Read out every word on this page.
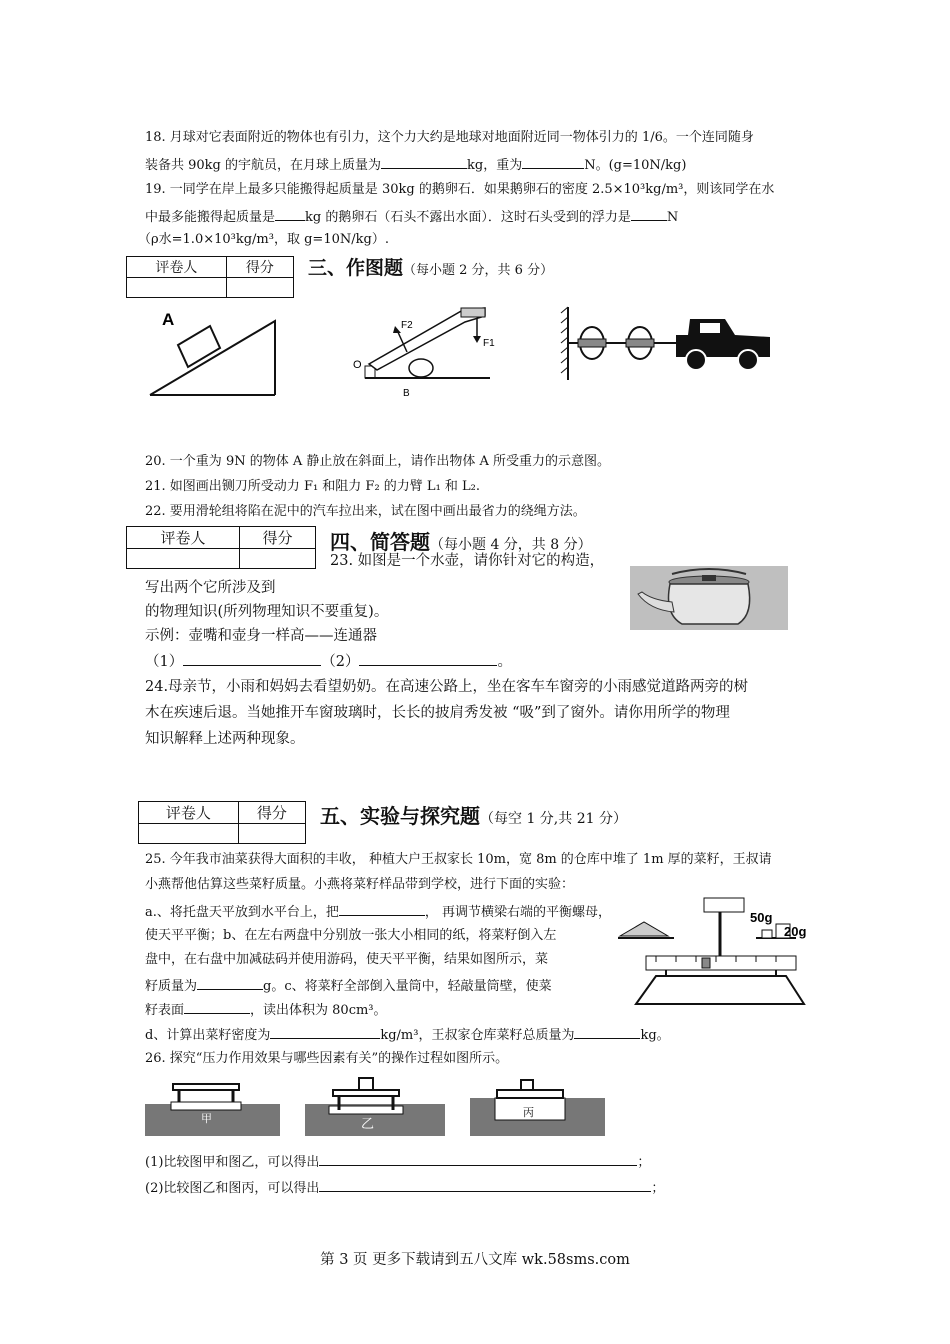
18. 月球对它表面附近的物体也有引力，这个力大约是地球对地面附近同一物体引力的 1/6。一个连同随身
装备共 90kg 的宇航员，在月球上质量为	kg，重为	N。(g=10N/kg)
19. 一同学在岸上最多只能搬得起质量是 30kg 的鹅卵石．如果鹅卵石的密度 2.5×10³kg/m³，则该同学在水
中最多能搬得起质量是 kg 的鹅卵石（石头不露出水面）．这时石头受到的浮力是	N
（ρ水=1.0×10³kg/m³，取 g=10N/kg）.
评卷人	得分
	三、作图题（每小题 2 分，共 6 分）
A	F2
F1
O
B
20. 一个重为 9N 的物体 A 静止放在斜面上，请作出物体 A 所受重力的示意图。
21. 如图画出铡刀所受动力 F₁ 和阻力 F₂ 的力臂 L₁ 和 L₂.
22. 要用滑轮组将陷在泥中的汽车拉出来，试在图中画出最省力的绕绳方法。
评卷人	得分
	四、简答题（每小题 4 分，共 8 分）
23. 如图是一个水壶，请你针对它的构造，
写出两个它所涉及到
的物理知识(所列物理知识不要重复)。
示例：壶嘴和壶身一样高——连通器
（1）	（2）	。
24.母亲节，小雨和妈妈去看望奶奶。在高速公路上，坐在客车车窗旁的小雨感觉道路两旁的树
木在疾速后退。当她推开车窗玻璃时，长长的披肩秀发被 “吸”到了窗外。请你用所学的物理
知识解释上述两种现象。
评卷人	得分
	五、实验与探究题（每空 1 分,共 21 分）
25. 今年我市油菜获得大面积的丰收， 种植大户王叔家长 10m，宽 8m 的仓库中堆了 1m 厚的菜籽，王叔请
小燕帮他估算这些菜籽质量。小燕将菜籽样品带到学校，进行下面的实验：
a.、将托盘天平放到水平台上，把	， 再调节横梁右端的平衡螺母，
使天平平衡；b、在左右两盘中分别放一张大小相同的纸，将菜籽倒入左
盘中，在右盘中加减砝码并使用游码，使天平平衡，结果如图所示，菜
籽质量为	g。c、将菜籽全部倒入量筒中，轻敲量筒壁，使菜
籽表面	，读出体积为 80cm³。
d、计算出菜籽密度为	kg/m³，王叔家仓库菜籽总质量为	kg。
50g
20g
26. 探究“压力作用效果与哪些因素有关”的操作过程如图所示。
甲	乙
丙
(1)比较图甲和图乙，可以得出	；
(2)比较图乙和图丙，可以得出	；
第 3 页 更多下载请到五八文库 wk.58sms.com
